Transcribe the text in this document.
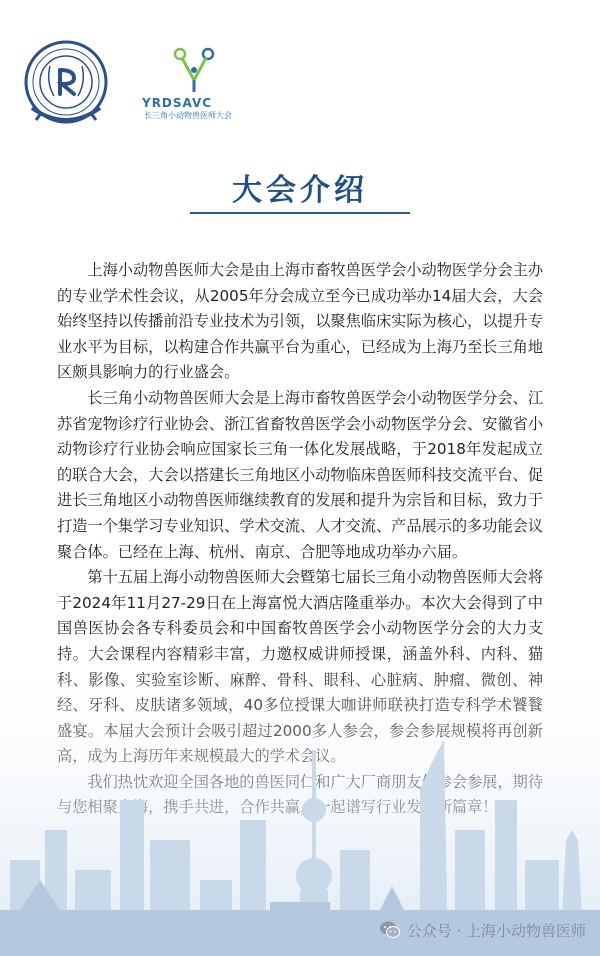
YRDSAVC
长三角小动物兽医师大会
大会介绍

上海小动物兽医师大会是由上海市畜牧兽医学会小动物医学分会主办的专业学术性会议，从2005年分会成立至今已成功举办14届大会，大会始终坚持以传播前沿专业技术为引领，以聚焦临床实际为核心，以提升专业水平为目标，以构建合作共赢平台为重心，已经成为上海乃至长三角地区颇具影响力的行业盛会。

长三角小动物兽医师大会是上海市畜牧兽医学会小动物医学分会、江苏省宠物诊疗行业协会、浙江省畜牧兽医学会小动物医学分会、安徽省小动物诊疗行业协会响应国家长三角一体化发展战略，于2018年发起成立的联合大会，大会以搭建长三角地区小动物临床兽医师科技交流平台、促进长三角地区小动物兽医师继续教育的发展和提升为宗旨和目标，致力于打造一个集学习专业知识、学术交流、人才交流、产品展示的多功能会议聚合体。已经在上海、杭州、南京、合肥等地成功举办六届。

第十五届上海小动物兽医师大会暨第七届长三角小动物兽医师大会将于2024年11月27-29日在上海富悦大酒店隆重举办。本次大会得到了中国兽医协会各专科委员会和中国畜牧兽医学会小动物医学分会的大力支

公众号 · 上海小动物兽医师
